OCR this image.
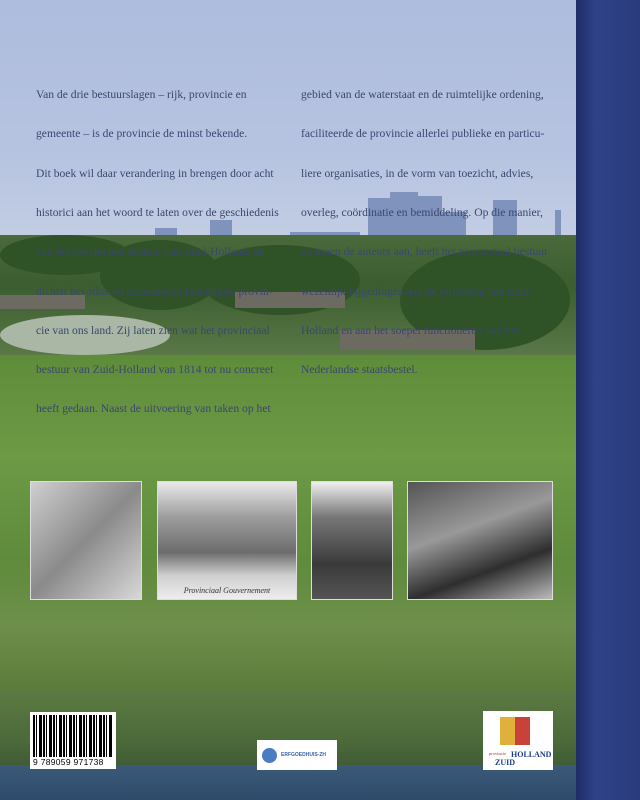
Van de drie bestuurslagen – rijk, provincie en

gemeente – is de provincie de minst bekende.

Dit boek wil daar verandering in brengen door acht

historici aan het woord te laten over de geschiedenis

van het provinciaal bestuur van Zuid-Holland, de

dichtst bevolkte en economisch krachtigste provin-

cie van ons land. Zij laten zien wat het provinciaal

bestuur van Zuid-Holland van 1814 tot nu concreet

heeft gedaan. Naast de uitvoering van taken op het

gebied van de waterstaat en de ruimtelijke ordening,

faciliteerde de provincie allerlei publieke en particu-

liere organisaties, in de vorm van toezicht, advies,

overleg, coördinatie en bemiddeling. Op die manier,

zo tonen de auteurs aan, heeft het provinciaal bestuur

wezenlijk bijgedragen aan de inrichting van Zuid-

Holland en aan het soepel functioneren van het

Nederlandse staatsbestel.

Provinciaal Gouvernement
9 789059 971738
ERFGOEDHUIS-ZH	provincie HOLLAND
ZUID
